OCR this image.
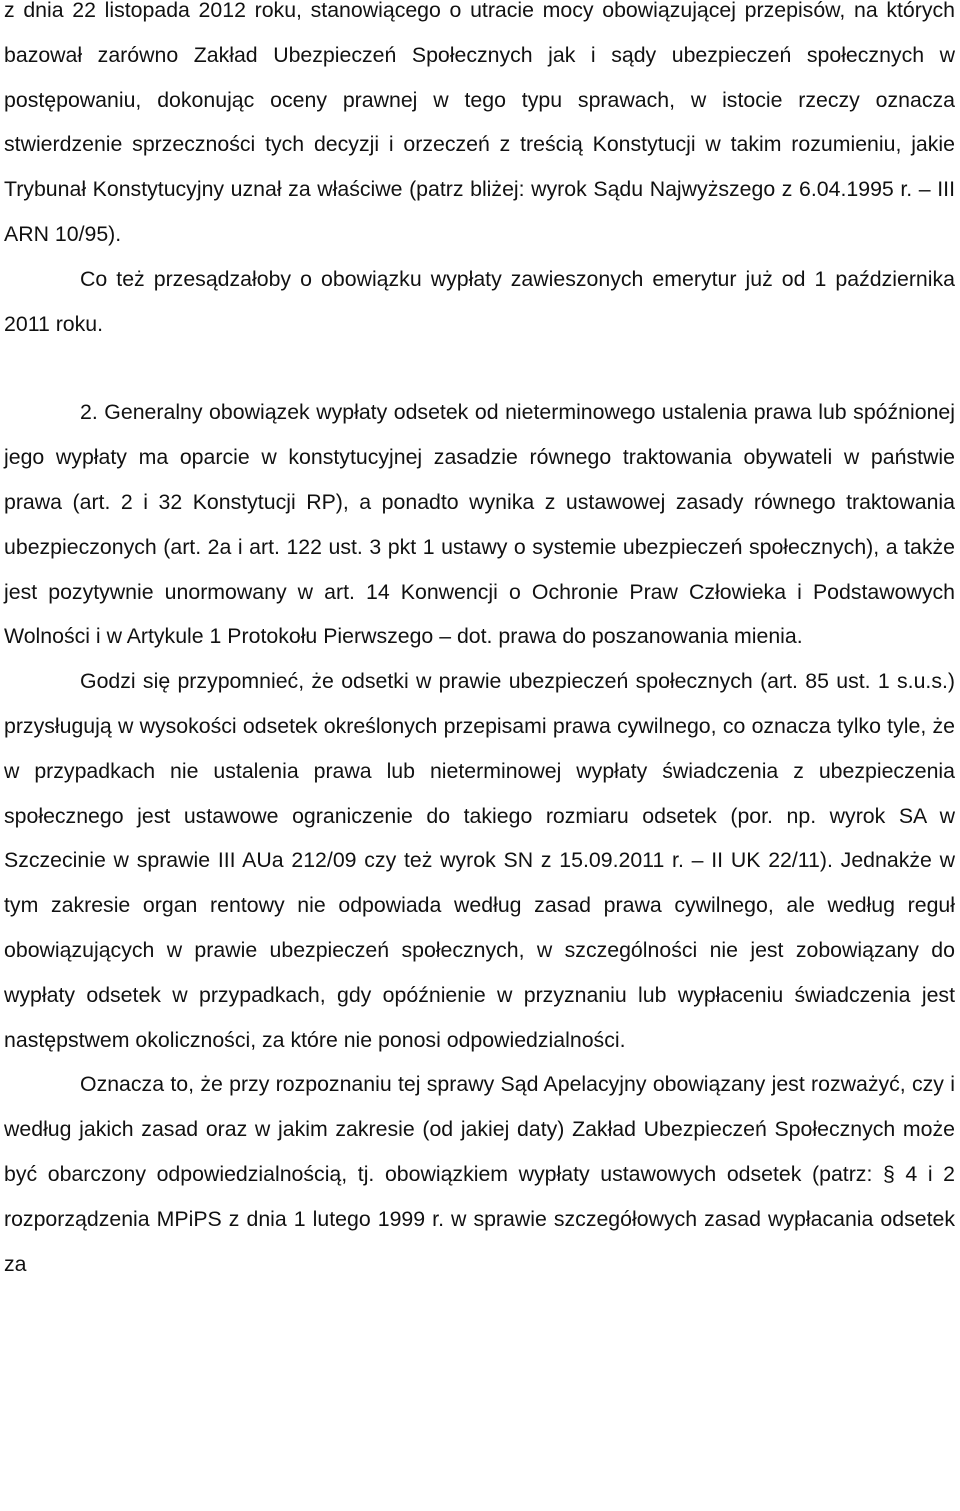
z dnia 22 listopada 2012 roku, stanowiącego o utracie mocy obowiązującej przepisów, na których bazował zarówno Zakład Ubezpieczeń Społecznych jak i sądy ubezpieczeń społecznych w postępowaniu, dokonując oceny prawnej w tego typu sprawach, w istocie rzeczy oznacza stwierdzenie sprzeczności tych decyzji i orzeczeń z treścią Konstytucji w takim rozumieniu, jakie Trybunał Konstytucyjny uznał za właściwe (patrz bliżej: wyrok Sądu Najwyższego z 6.04.1995 r. – III ARN 10/95).

Co też przesądzałoby o obowiązku wypłaty zawieszonych emerytur już od 1 października 2011 roku.

2. Generalny obowiązek wypłaty odsetek od nieterminowego ustalenia prawa lub spóźnionej jego wypłaty ma oparcie w konstytucyjnej zasadzie równego traktowania obywateli w państwie prawa (art. 2 i 32 Konstytucji RP), a ponadto wynika z ustawowej zasady równego traktowania ubezpieczonych (art. 2a i art. 122 ust. 3 pkt 1 ustawy o systemie ubezpieczeń społecznych), a także jest pozytywnie unormowany w art. 14 Konwencji o Ochronie Praw Człowieka i Podstawowych Wolności i w Artykule 1 Protokołu Pierwszego – dot. prawa do poszanowania mienia.

Godzi się przypomnieć, że odsetki w prawie ubezpieczeń społecznych (art. 85 ust. 1 s.u.s.) przysługują w wysokości odsetek określonych przepisami prawa cywilnego, co oznacza tylko tyle, że w przypadkach nie ustalenia prawa lub nieterminowej wypłaty świadczenia z ubezpieczenia społecznego jest ustawowe ograniczenie do takiego rozmiaru odsetek (por. np. wyrok SA w Szczecinie w sprawie III AUa 212/09 czy też wyrok SN z 15.09.2011 r. – II UK 22/11). Jednakże w tym zakresie organ rentowy nie odpowiada według zasad prawa cywilnego, ale według reguł obowiązujących w prawie ubezpieczeń społecznych, w szczególności nie jest zobowiązany do wypłaty odsetek w przypadkach, gdy opóźnienie w przyznaniu lub wypłaceniu świadczenia jest następstwem okoliczności, za które nie ponosi odpowiedzialności.

Oznacza to, że przy rozpoznaniu tej sprawy Sąd Apelacyjny obowiązany jest rozważyć, czy i według jakich zasad oraz w jakim zakresie (od jakiej daty) Zakład Ubezpieczeń Społecznych może być obarczony odpowiedzialnością, tj. obowiązkiem wypłaty ustawowych odsetek (patrz: § 4 i 2 rozporządzenia MPiPS z dnia 1 lutego 1999 r. w sprawie szczegółowych zasad wypłacania odsetek za
